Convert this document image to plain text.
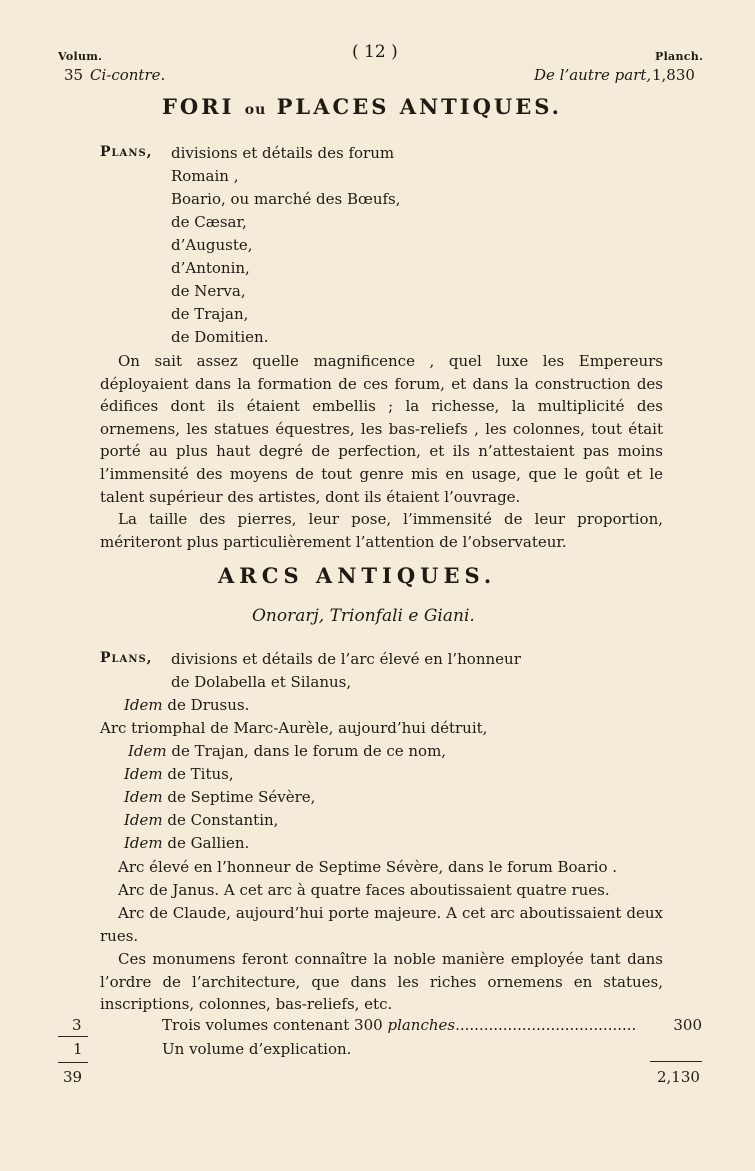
Volum.	( 12 )	Planch.
35 Ci-contre.	De l’autre part, 1,830
FORI ou PLACES ANTIQUES.
Plans, divisions et détails des forum
Romain ,
Boario, ou marché des Bœufs,
de Cæsar,
d’Auguste,
d’Antonin,
de Nerva,
de Trajan,
de Domitien.

On sait assez quelle magnificence , quel luxe les Empereurs déployaient dans la formation de ces forum, et dans la construction des édifices dont ils étaient embellis ; la richesse, la multiplicité des ornemens, les statues équestres, les bas-reliefs , les colonnes, tout était porté au plus haut degré de perfection, et ils n’attestaient pas moins l’immensité des moyens de tout genre mis en usage, que le goût et le talent supérieur des artistes, dont ils étaient l’ouvrage.

La taille des pierres, leur pose, l’immensité de leur proportion, mériteront plus particulièrement l’attention de l’observateur.

ARCS ANTIQUES.
Onorarj, Trionfali e Giani.
Plans, divisions et détails de l’arc élevé en l’honneur
de Dolabella et Silanus,
Idem de Drusus.
Arc triomphal de Marc-Aurèle, aujourd’hui détruit,
Idem de Trajan, dans le forum de ce nom,
Idem de Titus,
Idem de Septime Sévère,
Idem de Constantin,
Idem de Gallien.

Arc élevé en l’honneur de Septime Sévère, dans le forum Boario .

Arc de Janus. A cet arc à quatre faces aboutissaient quatre rues.

Arc de Claude, aujourd’hui porte majeure. A cet arc aboutissaient deux rues.

Ces monumens feront connaître la noble manière employée tant dans l’ordre de l’architecture, que dans les riches ornemens en statues, inscriptions, colonnes, bas-reliefs, etc.

3	Trois volumes contenant 300 planches...................................... 300
1	Un volume d’explication.
39	2,130
